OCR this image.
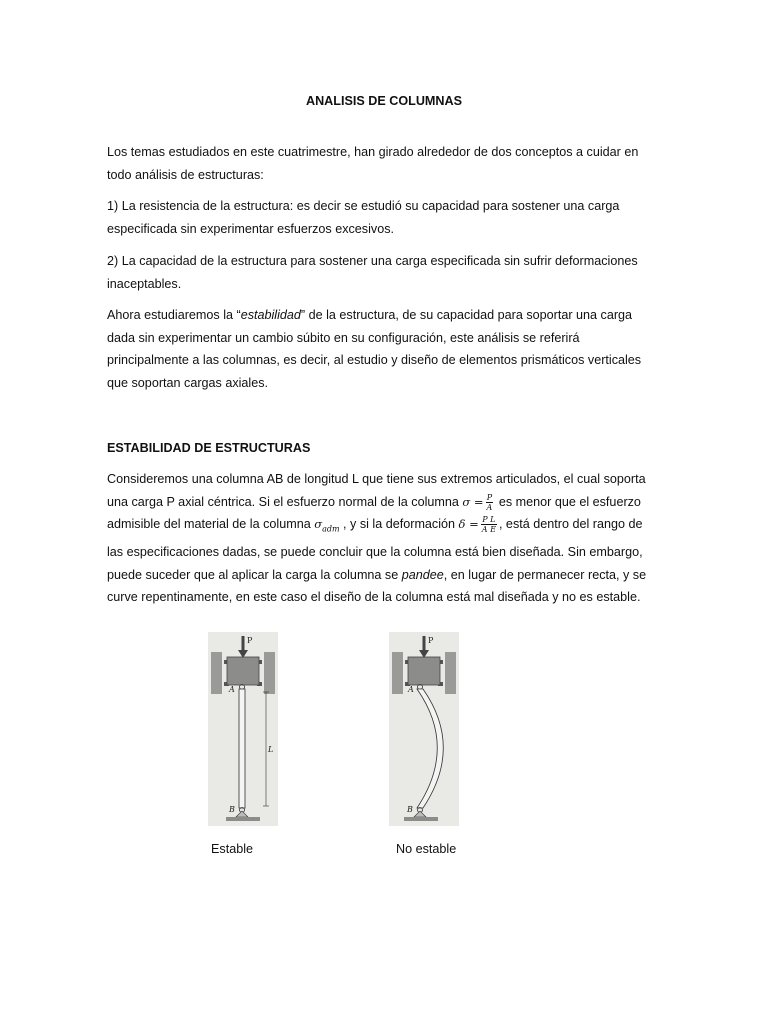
ANALISIS DE COLUMNAS

Los temas estudiados en este cuatrimestre, han girado alrededor de dos conceptos a cuidar en todo análisis de estructuras:

1) La resistencia de la estructura: es decir se estudió su capacidad para sostener una carga especificada sin experimentar esfuerzos excesivos.

2) La capacidad de la estructura para sostener una carga especificada sin sufrir deformaciones inaceptables.

Ahora estudiaremos la “estabilidad” de la estructura, de su capacidad para soportar una carga dada sin experimentar un cambio súbito en su configuración, este análisis se referirá principalmente a las columnas, es decir, al estudio y diseño de elementos prismáticos verticales que soportan cargas axiales.

ESTABILIDAD DE ESTRUCTURAS

Consideremos una columna AB de longitud L que tiene sus extremos articulados, el cual soporta una carga P axial céntrica. Si el esfuerzo normal de la columna $\sigma = \frac{P}{A}$ es menor que el esfuerzo admisible del material de la columna $\sigma_{adm}$ , y si la deformación $\delta = \frac{\text{P L}}{\text{A E}}$ , está dentro del rango de las especificaciones dadas, se puede concluir que la columna está bien diseñada. Sin embargo, puede suceder que al aplicar la carga la columna se pandee, en lugar de permanecer recta, y se curve repentinamente, en este caso el diseño de la columna está mal diseñada y no es estable.

P
A
B
L
P
A
B
Estable	No estable
